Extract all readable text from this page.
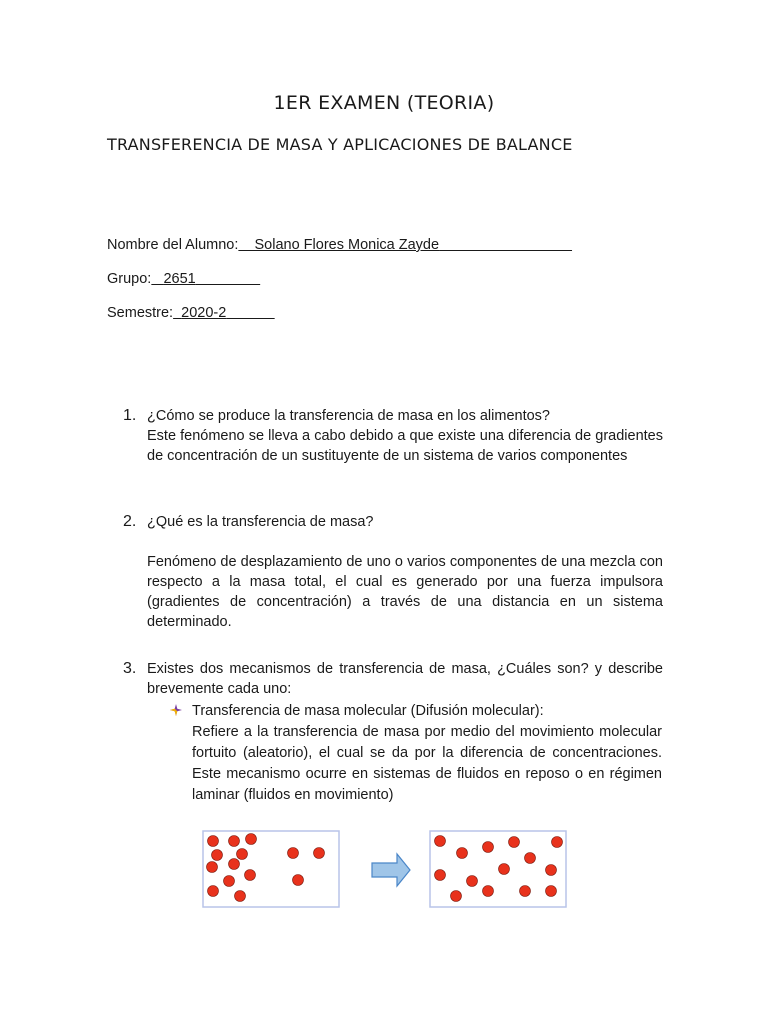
1ER EXAMEN (TEORIA)
TRANSFERENCIA DE MASA Y APLICACIONES DE BALANCE
Nombre del Alumno: Solano Flores Monica Zayde
Grupo: 2651
Semestre: 2020-2
1. ¿Cómo se produce la transferencia de masa en los alimentos?

Este fenómeno se lleva a cabo debido a que existe una diferencia de gradientes de concentración de un sustituyente de un sistema de varios componentes

2. ¿Qué es la transferencia de masa?

Fenómeno de desplazamiento de uno o varios componentes de una mezcla con respecto a la masa total, el cual es generado por una fuerza impulsora (gradientes de concentración) a través de una distancia en un sistema determinado.

3. Existes dos mecanismos de transferencia de masa, ¿Cuáles son? y describe brevemente cada uno:

Transferencia de masa molecular (Difusión molecular):

Refiere a la transferencia de masa por medio del movimiento molecular fortuito (aleatorio), el cual se da por la diferencia de concentraciones. Este mecanismo ocurre en sistemas de fluidos en reposo o en régimen laminar (fluidos en movimiento)
